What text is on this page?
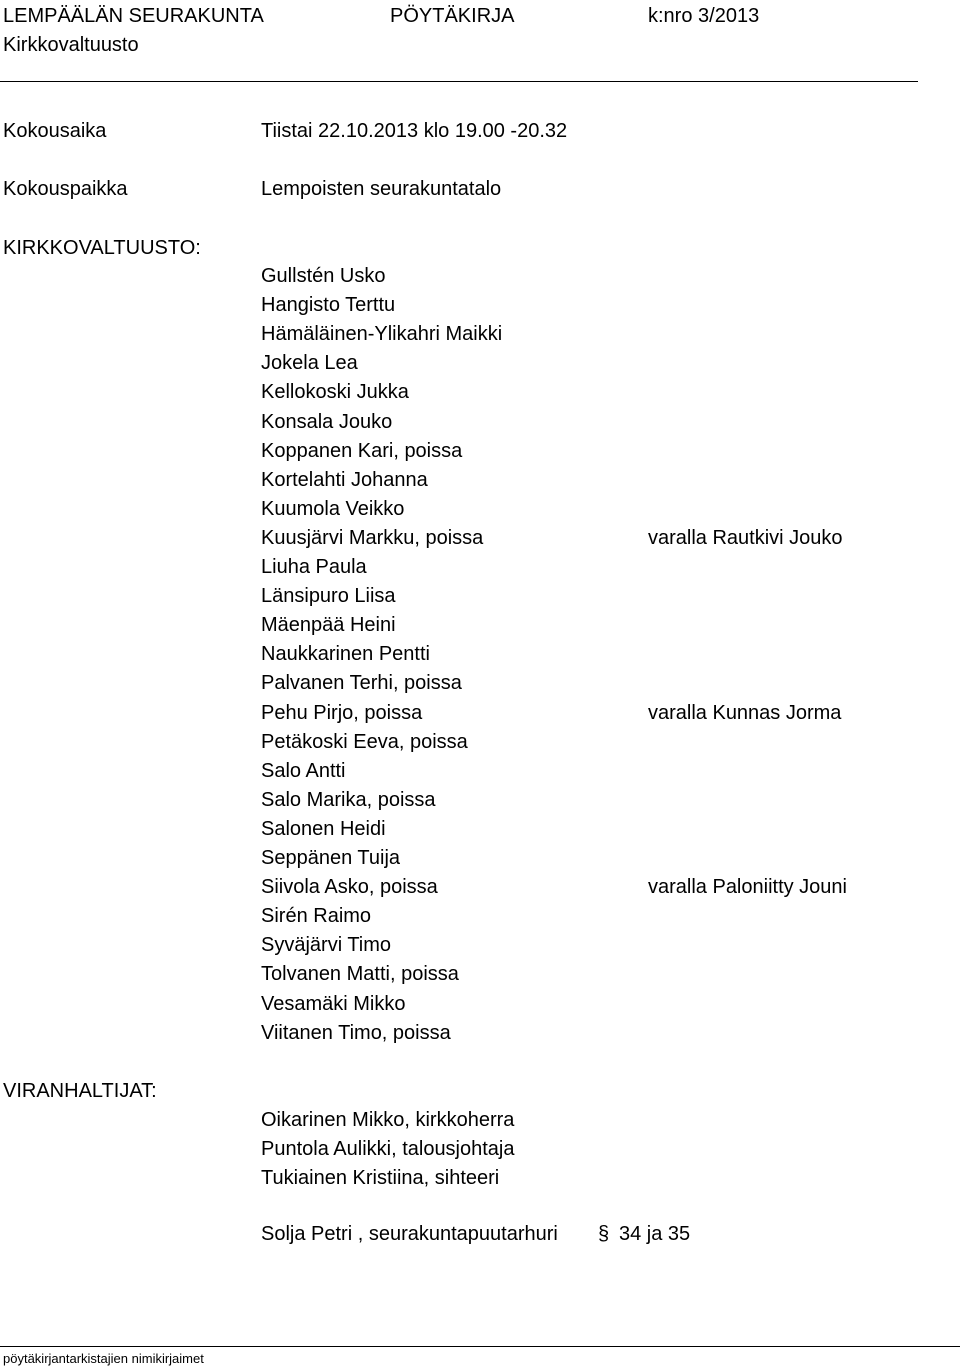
LEMPÄÄLÄN SEURAKUNTA	PÖYTÄKIRJA	k:nro 3/2013
Kirkkovaltuusto
Kokousaika	Tiistai 22.10.2013 klo 19.00 -20.32
Kokouspaikka	Lempoisten seurakuntatalo
KIRKKOVALTUUSTO:
Gullstén Usko
Hangisto Terttu
Hämäläinen-Ylikahri Maikki
Jokela Lea
Kellokoski Jukka
Konsala Jouko
Koppanen Kari, poissa
Kortelahti Johanna
Kuumola Veikko
Kuusjärvi Markku, poissa	varalla Rautkivi Jouko
Liuha Paula
Länsipuro Liisa
Mäenpää Heini
Naukkarinen Pentti
Palvanen Terhi, poissa
Pehu Pirjo, poissa	varalla Kunnas Jorma
Petäkoski Eeva, poissa
Salo Antti
Salo Marika, poissa
Salonen Heidi
Seppänen Tuija
Siivola Asko, poissa	varalla Paloniitty Jouni
Sirén Raimo
Syväjärvi Timo
Tolvanen Matti, poissa
Vesamäki Mikko
Viitanen Timo, poissa
VIRANHALTIJAT:
Oikarinen Mikko, kirkkoherra
Puntola Aulikki, talousjohtaja
Tukiainen Kristiina, sihteeri
Solja Petri , seurakuntapuutarhuri § 34 ja 35
pöytäkirjantarkistajien nimikirjaimet
